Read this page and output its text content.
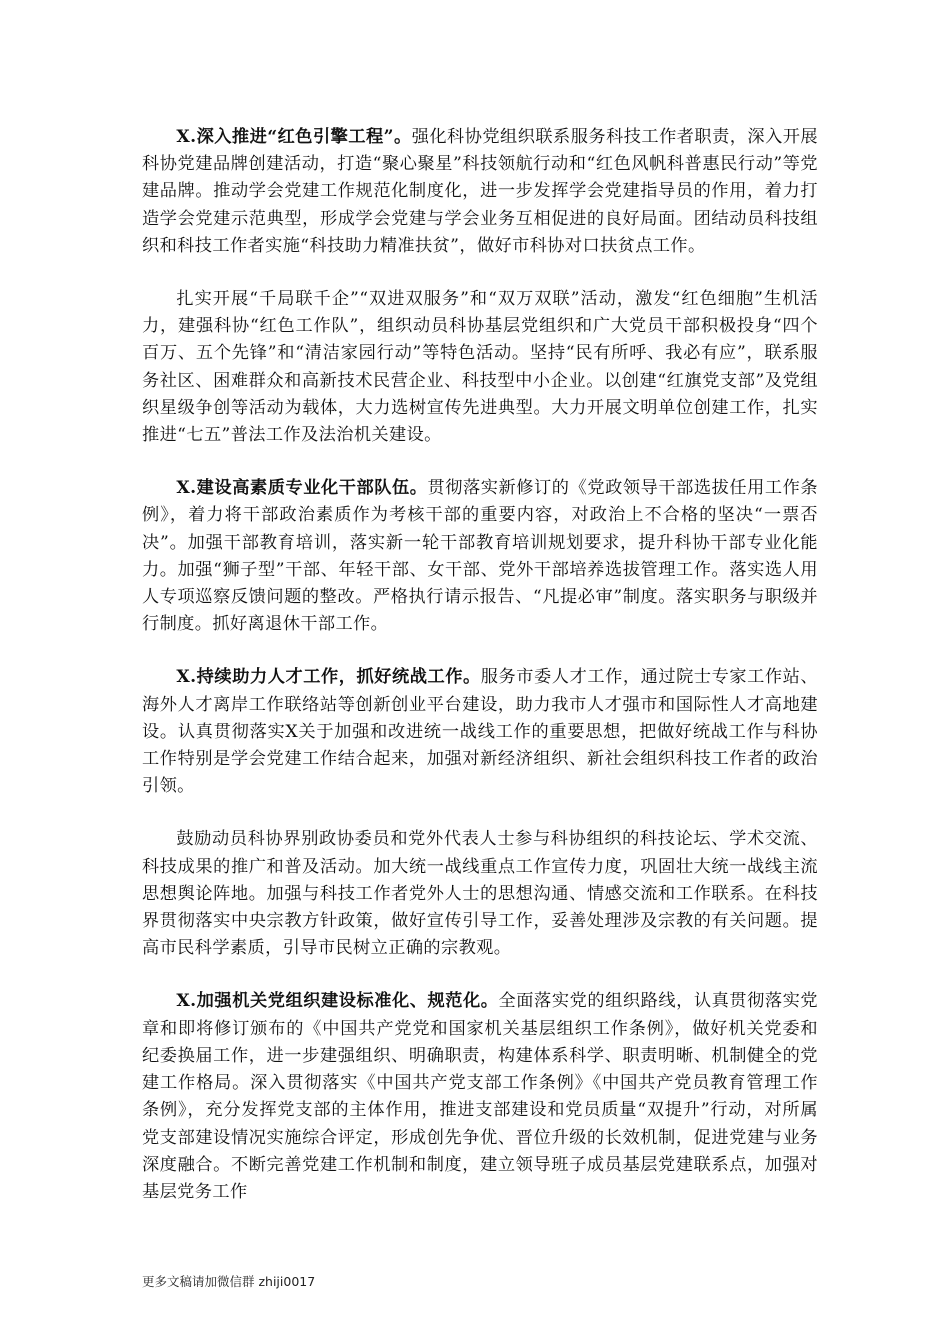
X.深入推进“红色引擎工程”。强化科协党组织联系服务科技工作者职责，深入开展科协党建品牌创建活动，打造“聚心聚星”科技领航行动和“红色风帆科普惠民行动”等党建品牌。推动学会党建工作规范化制度化，进一步发挥学会党建指导员的作用，着力打造学会党建示范典型，形成学会党建与学会业务互相促进的良好局面。团结动员科技组织和科技工作者实施“科技助力精准扶贫”，做好市科协对口扶贫点工作。

扎实开展“千局联千企”“双进双服务”和“双万双联”活动，激发“红色细胞”生机活力，建强科协“红色工作队”，组织动员科协基层党组织和广大党员干部积极投身“四个百万、五个先锋”和“清洁家园行动”等特色活动。坚持“民有所呼、我必有应”，联系服务社区、困难群众和高新技术民营企业、科技型中小企业。以创建“红旗党支部”及党组织星级争创等活动为载体，大力选树宣传先进典型。大力开展文明单位创建工作，扎实推进“七五”普法工作及法治机关建设。

X.建设高素质专业化干部队伍。贯彻落实新修订的《党政领导干部选拔任用工作条例》，着力将干部政治素质作为考核干部的重要内容，对政治上不合格的坚决“一票否决”。加强干部教育培训，落实新一轮干部教育培训规划要求，提升科协干部专业化能力。加强“狮子型”干部、年轻干部、女干部、党外干部培养选拔管理工作。落实选人用人专项巡察反馈问题的整改。严格执行请示报告、“凡提必审”制度。落实职务与职级并行制度。抓好离退休干部工作。

X.持续助力人才工作，抓好统战工作。服务市委人才工作，通过院士专家工作站、海外人才离岸工作联络站等创新创业平台建设，助力我市人才强市和国际性人才高地建设。认真贯彻落实X关于加强和改进统一战线工作的重要思想，把做好统战工作与科协工作特别是学会党建工作结合起来，加强对新经济组织、新社会组织科技工作者的政治引领。

鼓励动员科协界别政协委员和党外代表人士参与科协组织的科技论坛、学术交流、科技成果的推广和普及活动。加大统一战线重点工作宣传力度，巩固壮大统一战线主流思想舆论阵地。加强与科技工作者党外人士的思想沟通、情感交流和工作联系。在科技界贯彻落实中央宗教方针政策，做好宣传引导工作，妥善处理涉及宗教的有关问题。提高市民科学素质，引导市民树立正确的宗教观。

X.加强机关党组织建设标准化、规范化。全面落实党的组织路线，认真贯彻落实党章和即将修订颁布的《中国共产党党和国家机关基层组织工作条例》，做好机关党委和纪委换届工作，进一步建强组织、明确职责，构建体系科学、职责明晰、机制健全的党建工作格局。深入贯彻落实《中国共产党支部工作条例》《中国共产党员教育管理工作条例》，充分发挥党支部的主体作用，推进支部建设和党员质量“双提升”行动，对所属党支部建设情况实施综合评定，形成创先争优、晋位升级的长效机制，促进党建与业务深度融合。不断完善党建工作机制和制度，建立领导班子成员基层党建联系点，加强对基层党务工作

更多文稿请加微信群 zhiji0017
